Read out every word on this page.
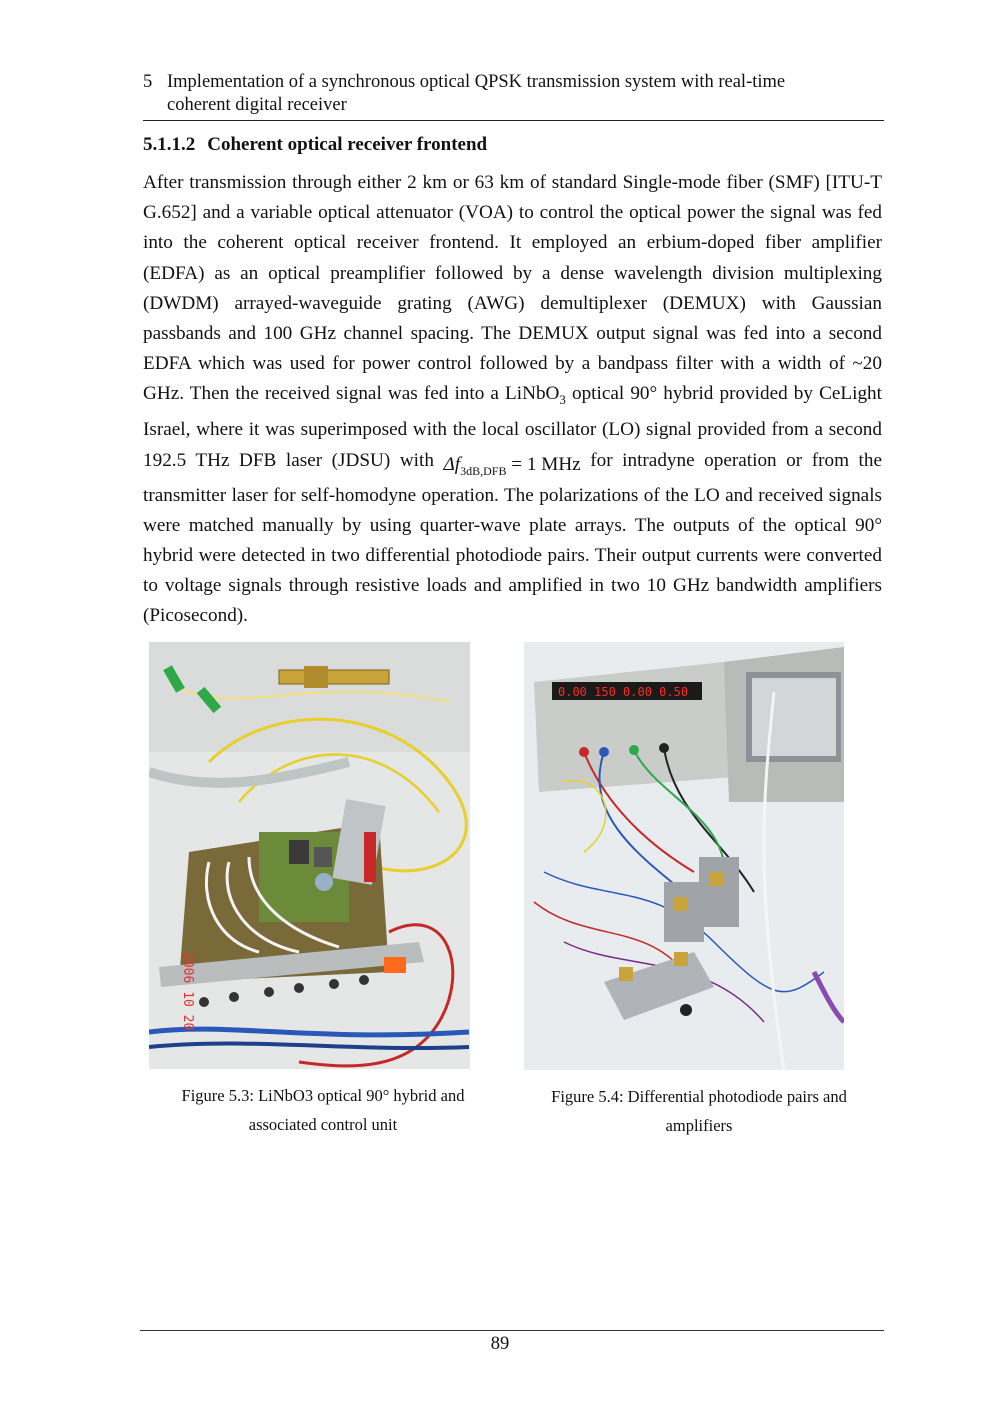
5 Implementation of a synchronous optical QPSK transmission system with real-time
coherent digital receiver
5.1.1.2 Coherent optical receiver frontend

After transmission through either 2 km or 63 km of standard Single-mode fiber (SMF) [ITU-T G.652] and a variable optical attenuator (VOA) to control the optical power the signal was fed into the coherent optical receiver frontend. It employed an erbium-doped fiber amplifier (EDFA) as an optical preamplifier followed by a dense wavelength division multiplexing (DWDM) arrayed-waveguide grating (AWG) demultiplexer (DEMUX) with Gaussian passbands and 100 GHz channel spacing. The DEMUX output signal was fed into a second EDFA which was used for power control followed by a bandpass filter with a width of ~20 GHz. Then the received signal was fed into a LiNbO$_3$ optical 90° hybrid provided by CeLight Israel, where it was superimposed with the local oscillator (LO) signal provided from a second 192.5 THz DFB laser (JDSU) with $\Delta f_{3dB,DFB} = 1$ MHz for intradyne operation or from the transmitter laser for self-homodyne operation. The polarizations of the LO and received signals were matched manually by using quarter-wave plate arrays. The outputs of the optical 90° hybrid were detected in two differential photodiode pairs. Their output currents were converted to voltage signals through resistive loads and amplified in two 10 GHz bandwidth amplifiers (Picosecond).

2006 10 20
Figure 5.3: LiNbO3 optical 90° hybrid and
associated control unit
0.00 150 0.00 0.50
Figure 5.4: Differential photodiode pairs and
amplifiers
89
